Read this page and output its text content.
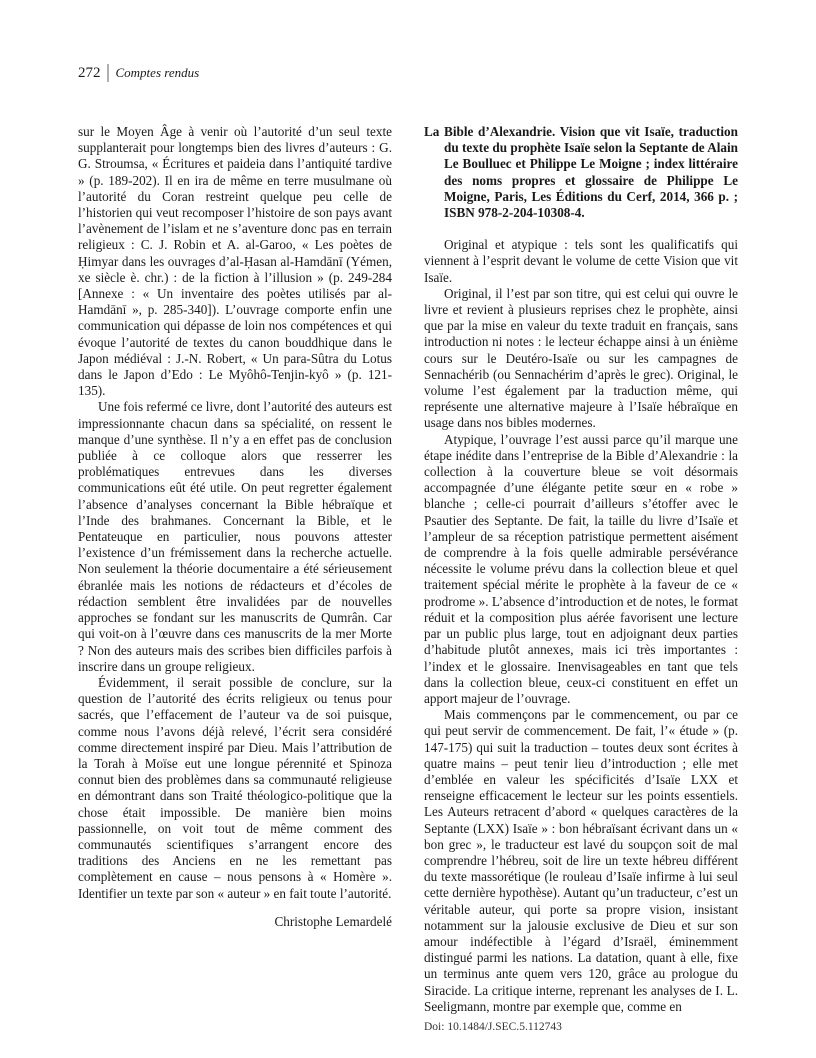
272 Comptes rendus

sur le Moyen Âge à venir où l’autorité d’un seul texte supplanterait pour longtemps bien des livres d’auteurs : G. G. Stroumsa, « Écritures et paideia dans l’antiquité tardive » (p. 189-202). Il en ira de même en terre musulmane où l’autorité du Coran restreint quelque peu celle de l’historien qui veut recomposer l’histoire de son pays avant l’avènement de l’islam et ne s’aventure donc pas en terrain religieux : C. J. Robin et A. al-Garoo, « Les poètes de Ḥimyar dans les ouvrages d’al-Ḥasan al-Hamdānī (Yémen, xe siècle è. chr.) : de la fiction à l’illusion » (p. 249-284 [Annexe : « Un inventaire des poètes utilisés par al-Hamdānī », p. 285-340]). L’ouvrage comporte enfin une communication qui dépasse de loin nos compétences et qui évoque l’autorité de textes du canon bouddhique dans le Japon médiéval : J.-N. Robert, « Un para-Sûtra du Lotus dans le Japon d’Edo : Le Myôhô-Tenjin-kyô » (p. 121-135).

Une fois refermé ce livre, dont l’autorité des auteurs est impressionnante chacun dans sa spécialité, on ressent le manque d’une synthèse. Il n’y a en effet pas de conclusion publiée à ce colloque alors que resserrer les problématiques entrevues dans les diverses communications eût été utile. On peut regretter également l’absence d’analyses concernant la Bible hébraïque et l’Inde des brahmanes. Concernant la Bible, et le Pentateuque en particulier, nous pouvons attester l’existence d’un frémissement dans la recherche actuelle. Non seulement la théorie documentaire a été sérieusement ébranlée mais les notions de rédacteurs et d’écoles de rédaction semblent être invalidées par de nouvelles approches se fondant sur les manuscrits de Qumrân. Car qui voit-on à l’œuvre dans ces manuscrits de la mer Morte ? Non des auteurs mais des scribes bien difficiles parfois à inscrire dans un groupe religieux.

Évidemment, il serait possible de conclure, sur la question de l’autorité des écrits religieux ou tenus pour sacrés, que l’effacement de l’auteur va de soi puisque, comme nous l’avons déjà relevé, l’écrit sera considéré comme directement inspiré par Dieu. Mais l’attribution de la Torah à Moïse eut une longue pérennité et Spinoza connut bien des problèmes dans sa communauté religieuse en démontrant dans son Traité théologico-politique que la chose était impossible. De manière bien moins passionnelle, on voit tout de même comment des communautés scientifiques s’arrangent encore des traditions des Anciens en ne les remettant pas complètement en cause – nous pensons à « Homère ». Identifier un texte par son « auteur » en fait toute l’autorité.

Christophe Lemardelé

La Bible d’Alexandrie. Vision que vit Isaïe, traduction du texte du prophète Isaïe selon la Septante de Alain Le Boulluec et Philippe Le Moigne ; index littéraire des noms propres et glossaire de Philippe Le Moigne, Paris, Les Éditions du Cerf, 2014, 366 p. ; ISBN 978-2-204-10308-4.

Original et atypique : tels sont les qualificatifs qui viennent à l’esprit devant le volume de cette Vision que vit Isaïe.

Original, il l’est par son titre, qui est celui qui ouvre le livre et revient à plusieurs reprises chez le prophète, ainsi que par la mise en valeur du texte traduit en français, sans introduction ni notes : le lecteur échappe ainsi à un énième cours sur le Deutéro-Isaïe ou sur les campagnes de Sennachérib (ou Sennachérim d’après le grec). Original, le volume l’est également par la traduction même, qui représente une alternative majeure à l’Isaïe hébraïque en usage dans nos bibles modernes.

Atypique, l’ouvrage l’est aussi parce qu’il marque une étape inédite dans l’entreprise de la Bible d’Alexandrie : la collection à la couverture bleue se voit désormais accompagnée d’une élégante petite sœur en « robe » blanche ; celle-ci pourrait d’ailleurs s’étoffer avec le Psautier des Septante. De fait, la taille du livre d’Isaïe et l’ampleur de sa réception patristique permettent aisément de comprendre à la fois quelle admirable persévérance nécessite le volume prévu dans la collection bleue et quel traitement spécial mérite le prophète à la faveur de ce « prodrome ». L’absence d’introduction et de notes, le format réduit et la composition plus aérée favorisent une lecture par un public plus large, tout en adjoignant deux parties d’habitude plutôt annexes, mais ici très importantes : l’index et le glossaire. Inenvisageables en tant que tels dans la collection bleue, ceux-ci constituent en effet un apport majeur de l’ouvrage.

Mais commençons par le commencement, ou par ce qui peut servir de commencement. De fait, l’« étude » (p. 147-175) qui suit la traduction – toutes deux sont écrites à quatre mains – peut tenir lieu d’introduction ; elle met d’emblée en valeur les spécificités d’Isaïe LXX et renseigne efficacement le lecteur sur les points essentiels. Les Auteurs retracent d’abord « quelques caractères de la Septante (LXX) Isaïe » : bon hébraïsant écrivant dans un « bon grec », le traducteur est lavé du soupçon soit de mal comprendre l’hébreu, soit de lire un texte hébreu différent du texte massorétique (le rouleau d’Isaïe infirme à lui seul cette dernière hypothèse). Autant qu’un traducteur, c’est un véritable auteur, qui porte sa propre vision, insistant notamment sur la jalousie exclusive de Dieu et sur son amour indéfectible à l’égard d’Israël, éminemment distingué parmi les nations. La datation, quant à elle, fixe un terminus ante quem vers 120, grâce au prologue du Siracide. La critique interne, reprenant les analyses de I. L. Seeligmann, montre par exemple que, comme en

Doi: 10.1484/J.SEC.5.112743
